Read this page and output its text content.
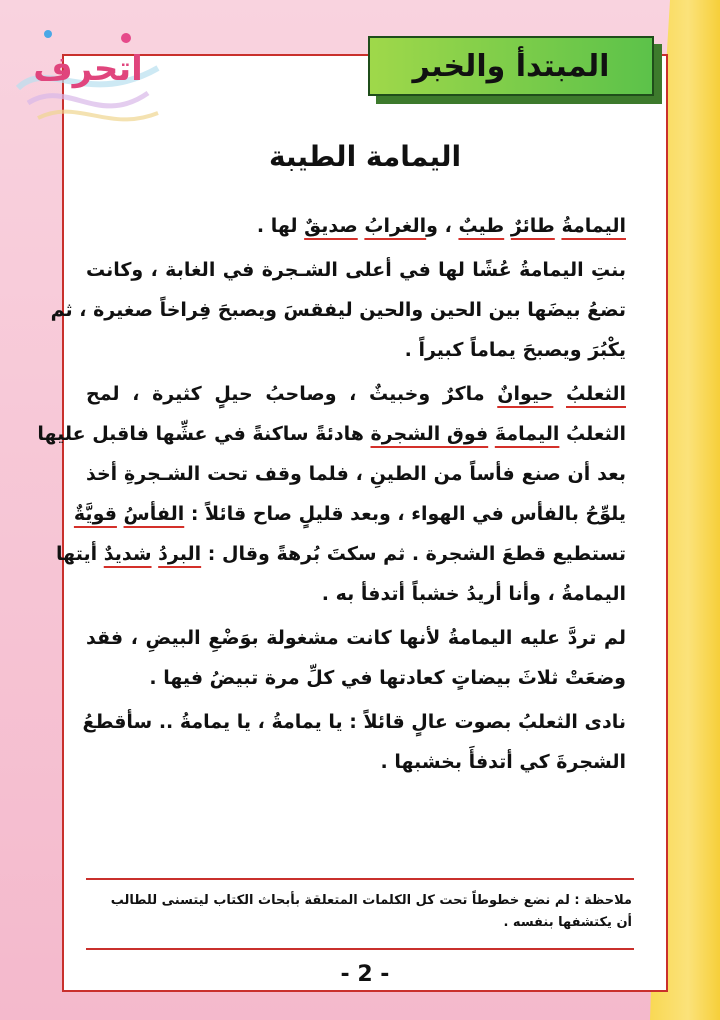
اتحرف	المبتدأ والخبر
اليمامة الطيبة
اليمامةُ طائرٌ طيبٌ ، والغرابُ صديقٌ لها .
بنتِ اليمامةُ عُشًا لها في أعلى الشـجرة في الغابة ، وكانت
تضعُ بيضَها بين الحين والحين ليفقسَ ويصبحَ فِراخاً صغيرة ، ثم
يكْبُرَ ويصبحَ يماماً كبيراً .
الثعلبُ حيوانٌ ماكرٌ وخبيثٌ ، وصاحبُ حيلٍ كثيرة ، لمح
الثعلبُ اليمامةَ فوق الشجرة هادئةً ساكنةً في عشِّها فاقبل عليها
بعد أن صنع فأساً من الطينِ ، فلما وقف تحت الشـجرةِ أخذ
يلوِّحُ بالفأس في الهواء ، وبعد قليلٍ صاح قائلاً : الفأسُ قويَّةٌ
تستطيع قطعَ الشجرة . ثم سكتَ بُرهةً وقال : البردُ شديدٌ أيتها
اليمامةُ ، وأنا أريدُ خشباً أتدفأ به .
لم تردَّ عليه اليمامةُ لأنها كانت مشغولة بوَضْعِ البيضِ ، فقد
وضعَتْ ثلاثَ بيضاتٍ كعادتها في كلِّ مرة تبيضُ فيها .
نادى الثعلبُ بصوت عالٍ قائلاً : يا يمامةُ ، يا يمامةُ .. سأقطعُ
الشجرةَ كي أتدفأَ بخشبها .
ملاحظة : لم نضع خطوطاً تحت كل الكلمات المتعلقة بأبحاث الكتاب ليتسنى للطالب
أن يكتشفها بنفسه .
- 2 -
